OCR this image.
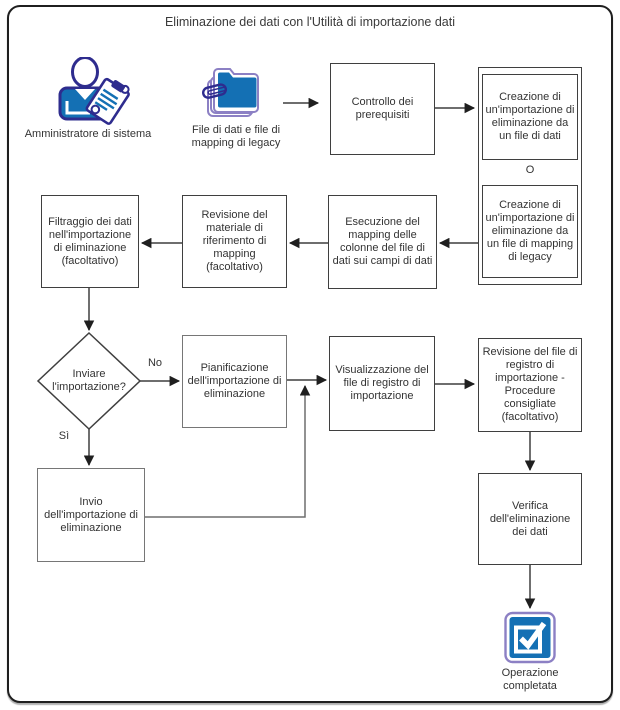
Eliminazione dei dati con l'Utilità di importazione dati
Amministratore di sistema	File di dati e file di mapping di legacy
Controllo dei prerequisiti
Creazione di un'importazione di eliminazione da un file di dati
O
Creazione di un'importazione di eliminazione da un file di mapping di legacy
Esecuzione del mapping delle colonne del file di dati sui campi di dati
Revisione del materiale di riferimento di mapping (facoltativo)
Filtraggio dei dati nell'importazione di eliminazione (facoltativo)
Inviare l'importazione?
No
Sì
Pianificazione dell'importazione di eliminazione
Visualizzazione del file di registro di importazione
Revisione del file di registro di importazione - Procedure consigliate (facoltativo)
Invio dell'importazione di eliminazione
Verifica dell'eliminazione dei dati
Operazione completata
